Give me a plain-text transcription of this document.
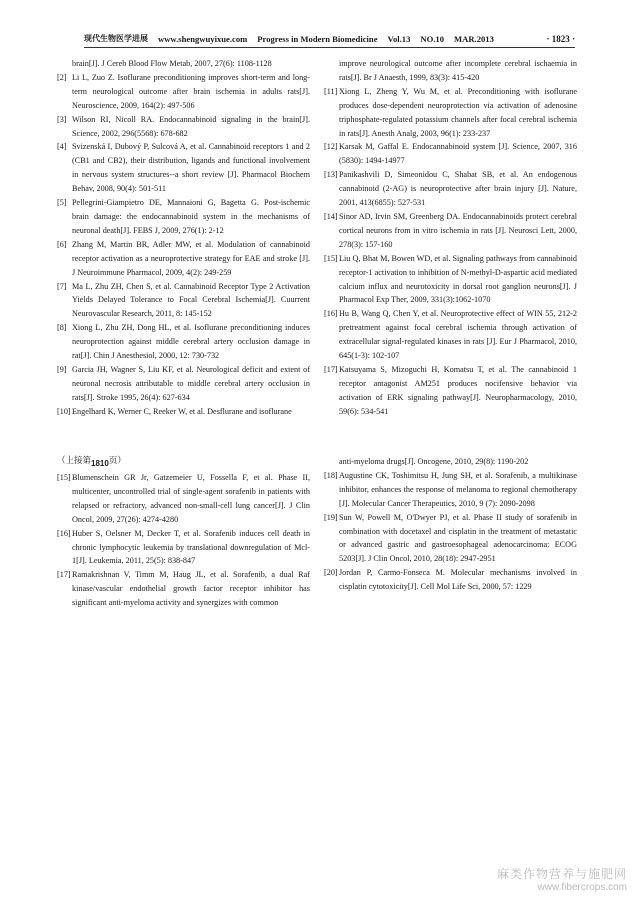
现代生物医学进展 www.shengwuyixue.com Progress in Modern Biomedicine Vol.13 NO.10 MAR.2013	· 1823 ·
brain[J]. J Cereb Blood Flow Metab, 2007, 27(6): 1108-1128
[2] Li L, Zuo Z. Isoflurane preconditioning improves short-term and long-term neurological outcome after brain ischemia in adults rats[J]. Neuroscience, 2009, 164(2): 497-506
[3] Wilson RI, Nicoll RA. Endocannabinoid signaling in the brain[J]. Science, 2002, 296(5568): 678-682
[4] Svizenská I, Dubový P, Sulcová A, et al. Cannabinoid receptors 1 and 2 (CB1 and CB2), their distribution, ligands and functional involvement in nervous system structures--a short review [J]. Pharmacol Biochem Behav, 2008, 90(4): 501-511
[5] Pellegrini-Giampietro DE, Mannaioni G, Bagetta G. Post-ischemic brain damage: the endocannabinoid system in the mechanisms of neuronal death[J]. FEBS J, 2009, 276(1): 2-12
[6] Zhang M, Martin BR, Adler MW, et al. Modulation of cannabinoid receptor activation as a neuroprotective strategy for EAE and stroke [J]. J Neuroimmune Pharmacol, 2009, 4(2): 249-259
[7] Ma L, Zhu ZH, Chen S, et al. Cannabinoid Receptor Type 2 Activation Yields Delayed Tolerance to Focal Cerebral Ischemia[J]. Cuurrent Neurovascular Research, 2011, 8: 145-152
[8] Xiong L, Zhu ZH, Dong HL, et al. Isoflurane preconditioning induces neuroprotection against middle cerebral artery occlusion damage in rat[J]. Chin J Anesthesiol, 2000, 12: 730-732
[9] Garcia JH, Wagner S, Liu KF, et al. Neurological deficit and extent of neuronal necrosis attributable to middle cerebral artery occlusion in rats[J]. Stroke 1995, 26(4): 627-634
[10] Engelhard K, Werner C, Reeker W, et al. Desflurane and isoflurane
improve neurological outcome after incomplete cerebral ischaemia in rats[J]. Br J Anaesth, 1999, 83(3): 415-420
[11] Xiong L, Zheng Y, Wu M, et al. Preconditioning with isoflurane produces dose-dependent neuroprotection via activation of adenosine triphosphate-regulated potassium channels after focal cerebral ischemia in rats[J]. Anesth Analg, 2003, 96(1): 233-237
[12] Karsak M, Gaffal E. Endocannabinoid system [J]. Science, 2007, 316 (5830): 1494-14977
[13] Panikashvili D, Simeonidou C, Shabat SB, et al. An endogenous cannabinoid (2-AG) is neuroprotective after brain injury [J]. Nature, 2001, 413(6855): 527-531
[14] Sinor AD, Irvin SM, Greenberg DA. Endocannabinoids protect cerebral cortical neurons from in vitro ischemia in rats [J]. Neurosci Lett, 2000, 278(3): 157-160
[15] Liu Q, Bhat M, Bowen WD, et al. Signaling pathways from cannabinoid receptor-1 activation to inhibition of N-methyl-D-aspartic acid mediated calcium influx and neurotoxicity in dorsal root ganglion neurons[J]. J Pharmacol Exp Ther, 2009, 331(3):1062-1070
[16] Hu B, Wang Q, Chen Y, et al. Neuroprotective effect of WIN 55, 212-2 pretreatment against focal cerebral ischemia through activation of extracellular signal-regulated kinases in rats [J]. Eur J Pharmacol, 2010, 645(1-3): 102-107
[17] Katsuyama S, Mizoguchi H, Komatsu T, et al. The cannabinoid 1 receptor antagonist AM251 produces nocifensive behavior via activation of ERK signaling pathway[J]. Neuropharmacology, 2010, 59(6): 534-541
（上接第1810页）
[15] Blumenschein GR Jr, Gatzemeier U, Fossella F, et al. Phase II, multicenter, uncontrolled trial of single-agent sorafenib in patients with relapsed or refractory, advanced non-small-cell lung cancer[J]. J Clin Oncol, 2009, 27(26): 4274-4280
[16] Huber S, Oelsner M, Decker T, et al. Sorafenib induces cell death in chronic lymphocytic leukemia by translational downregulation of Mcl-1[J]. Leukemia, 2011, 25(5): 838-847
[17] Ramakrishnan V, Timm M, Haug JL, et al. Sorafenib, a dual Raf kinase/vascular endothelial growth factor receptor inhibitor has significant anti-myeloma activity and synergizes with common
anti-myeloma drugs[J]. Oncogene, 2010, 29(8): 1190-202
[18] Augustine CK, Toshimitsu H, Jung SH, et al. Sorafenib, a multikinase inhibitor, enhances the response of melanoma to regional chemotherapy [J]. Molecular Cancer Therapeutics, 2010, 9 (7): 2090-2098
[19] Sun W, Powell M, O'Dwyer PJ, et al. Phase II study of sorafenib in combination with docetaxel and cisplatin in the treatment of metastatic or advanced gastric and gastroesophageal adenocarcinoma: ECOG 5203[J]. J Clin Oncol, 2010, 28(18): 2947-2951
[20] Jordan P, Carmo-Fonseca M. Molecular mechanisms involved in cisplatin cytotoxicity[J]. Cell Mol Life Sci, 2000, 57: 1229
麻类作物营养与施肥网
www.fibercrops.com
